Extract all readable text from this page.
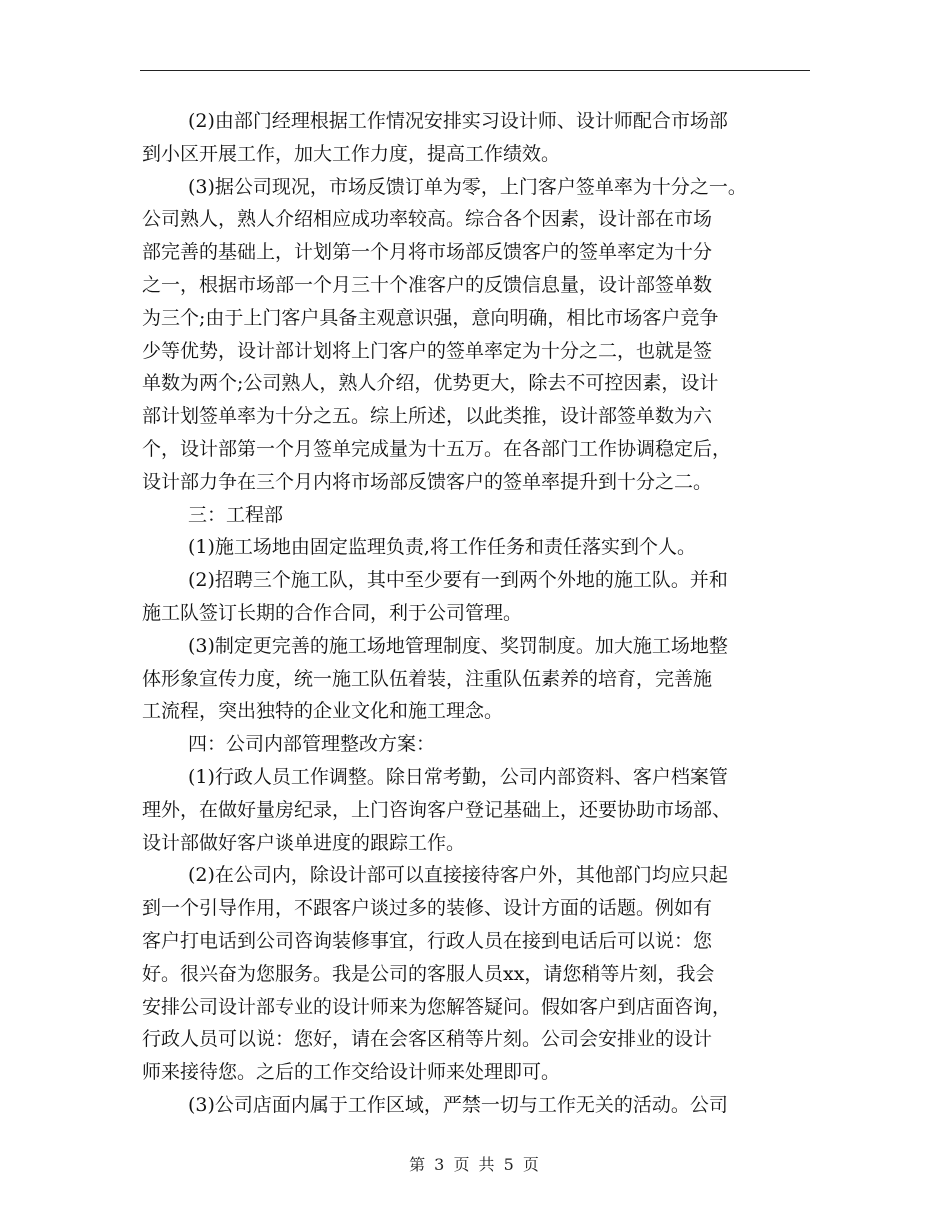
(2)由部门经理根据工作情况安排实习设计师、设计师配合市场部
到小区开展工作，加大工作力度，提高工作绩效。
(3)据公司现况，市场反馈订单为零，上门客户签单率为十分之一。
公司熟人，熟人介绍相应成功率较高。综合各个因素，设计部在市场
部完善的基础上，计划第一个月将市场部反馈客户的签单率定为十分
之一，根据市场部一个月三十个准客户的反馈信息量，设计部签单数
为三个;由于上门客户具备主观意识强，意向明确，相比市场客户竞争
少等优势，设计部计划将上门客户的签单率定为十分之二，也就是签
单数为两个;公司熟人，熟人介绍，优势更大，除去不可控因素，设计
部计划签单率为十分之五。综上所述，以此类推，设计部签单数为六
个，设计部第一个月签单完成量为十五万。在各部门工作协调稳定后，
设计部力争在三个月内将市场部反馈客户的签单率提升到十分之二。
三：工程部
(1)施工场地由固定监理负责,将工作任务和责任落实到个人。
(2)招聘三个施工队，其中至少要有一到两个外地的施工队。并和
施工队签订长期的合作合同，利于公司管理。
(3)制定更完善的施工场地管理制度、奖罚制度。加大施工场地整
体形象宣传力度，统一施工队伍着装，注重队伍素养的培育，完善施
工流程，突出独特的企业文化和施工理念。
四：公司内部管理整改方案：
(1)行政人员工作调整。除日常考勤，公司内部资料、客户档案管
理外，在做好量房纪录，上门咨询客户登记基础上，还要协助市场部、
设计部做好客户谈单进度的跟踪工作。
(2)在公司内，除设计部可以直接接待客户外，其他部门均应只起
到一个引导作用，不跟客户谈过多的装修、设计方面的话题。例如有
客户打电话到公司咨询装修事宜，行政人员在接到电话后可以说：您
好。很兴奋为您服务。我是公司的客服人员xx，请您稍等片刻，我会
安排公司设计部专业的设计师来为您解答疑问。假如客户到店面咨询，
行政人员可以说：您好，请在会客区稍等片刻。公司会安排业的设计
师来接待您。之后的工作交给设计师来处理即可。
(3)公司店面内属于工作区域，严禁一切与工作无关的活动。公司
第 3 页 共 5 页
